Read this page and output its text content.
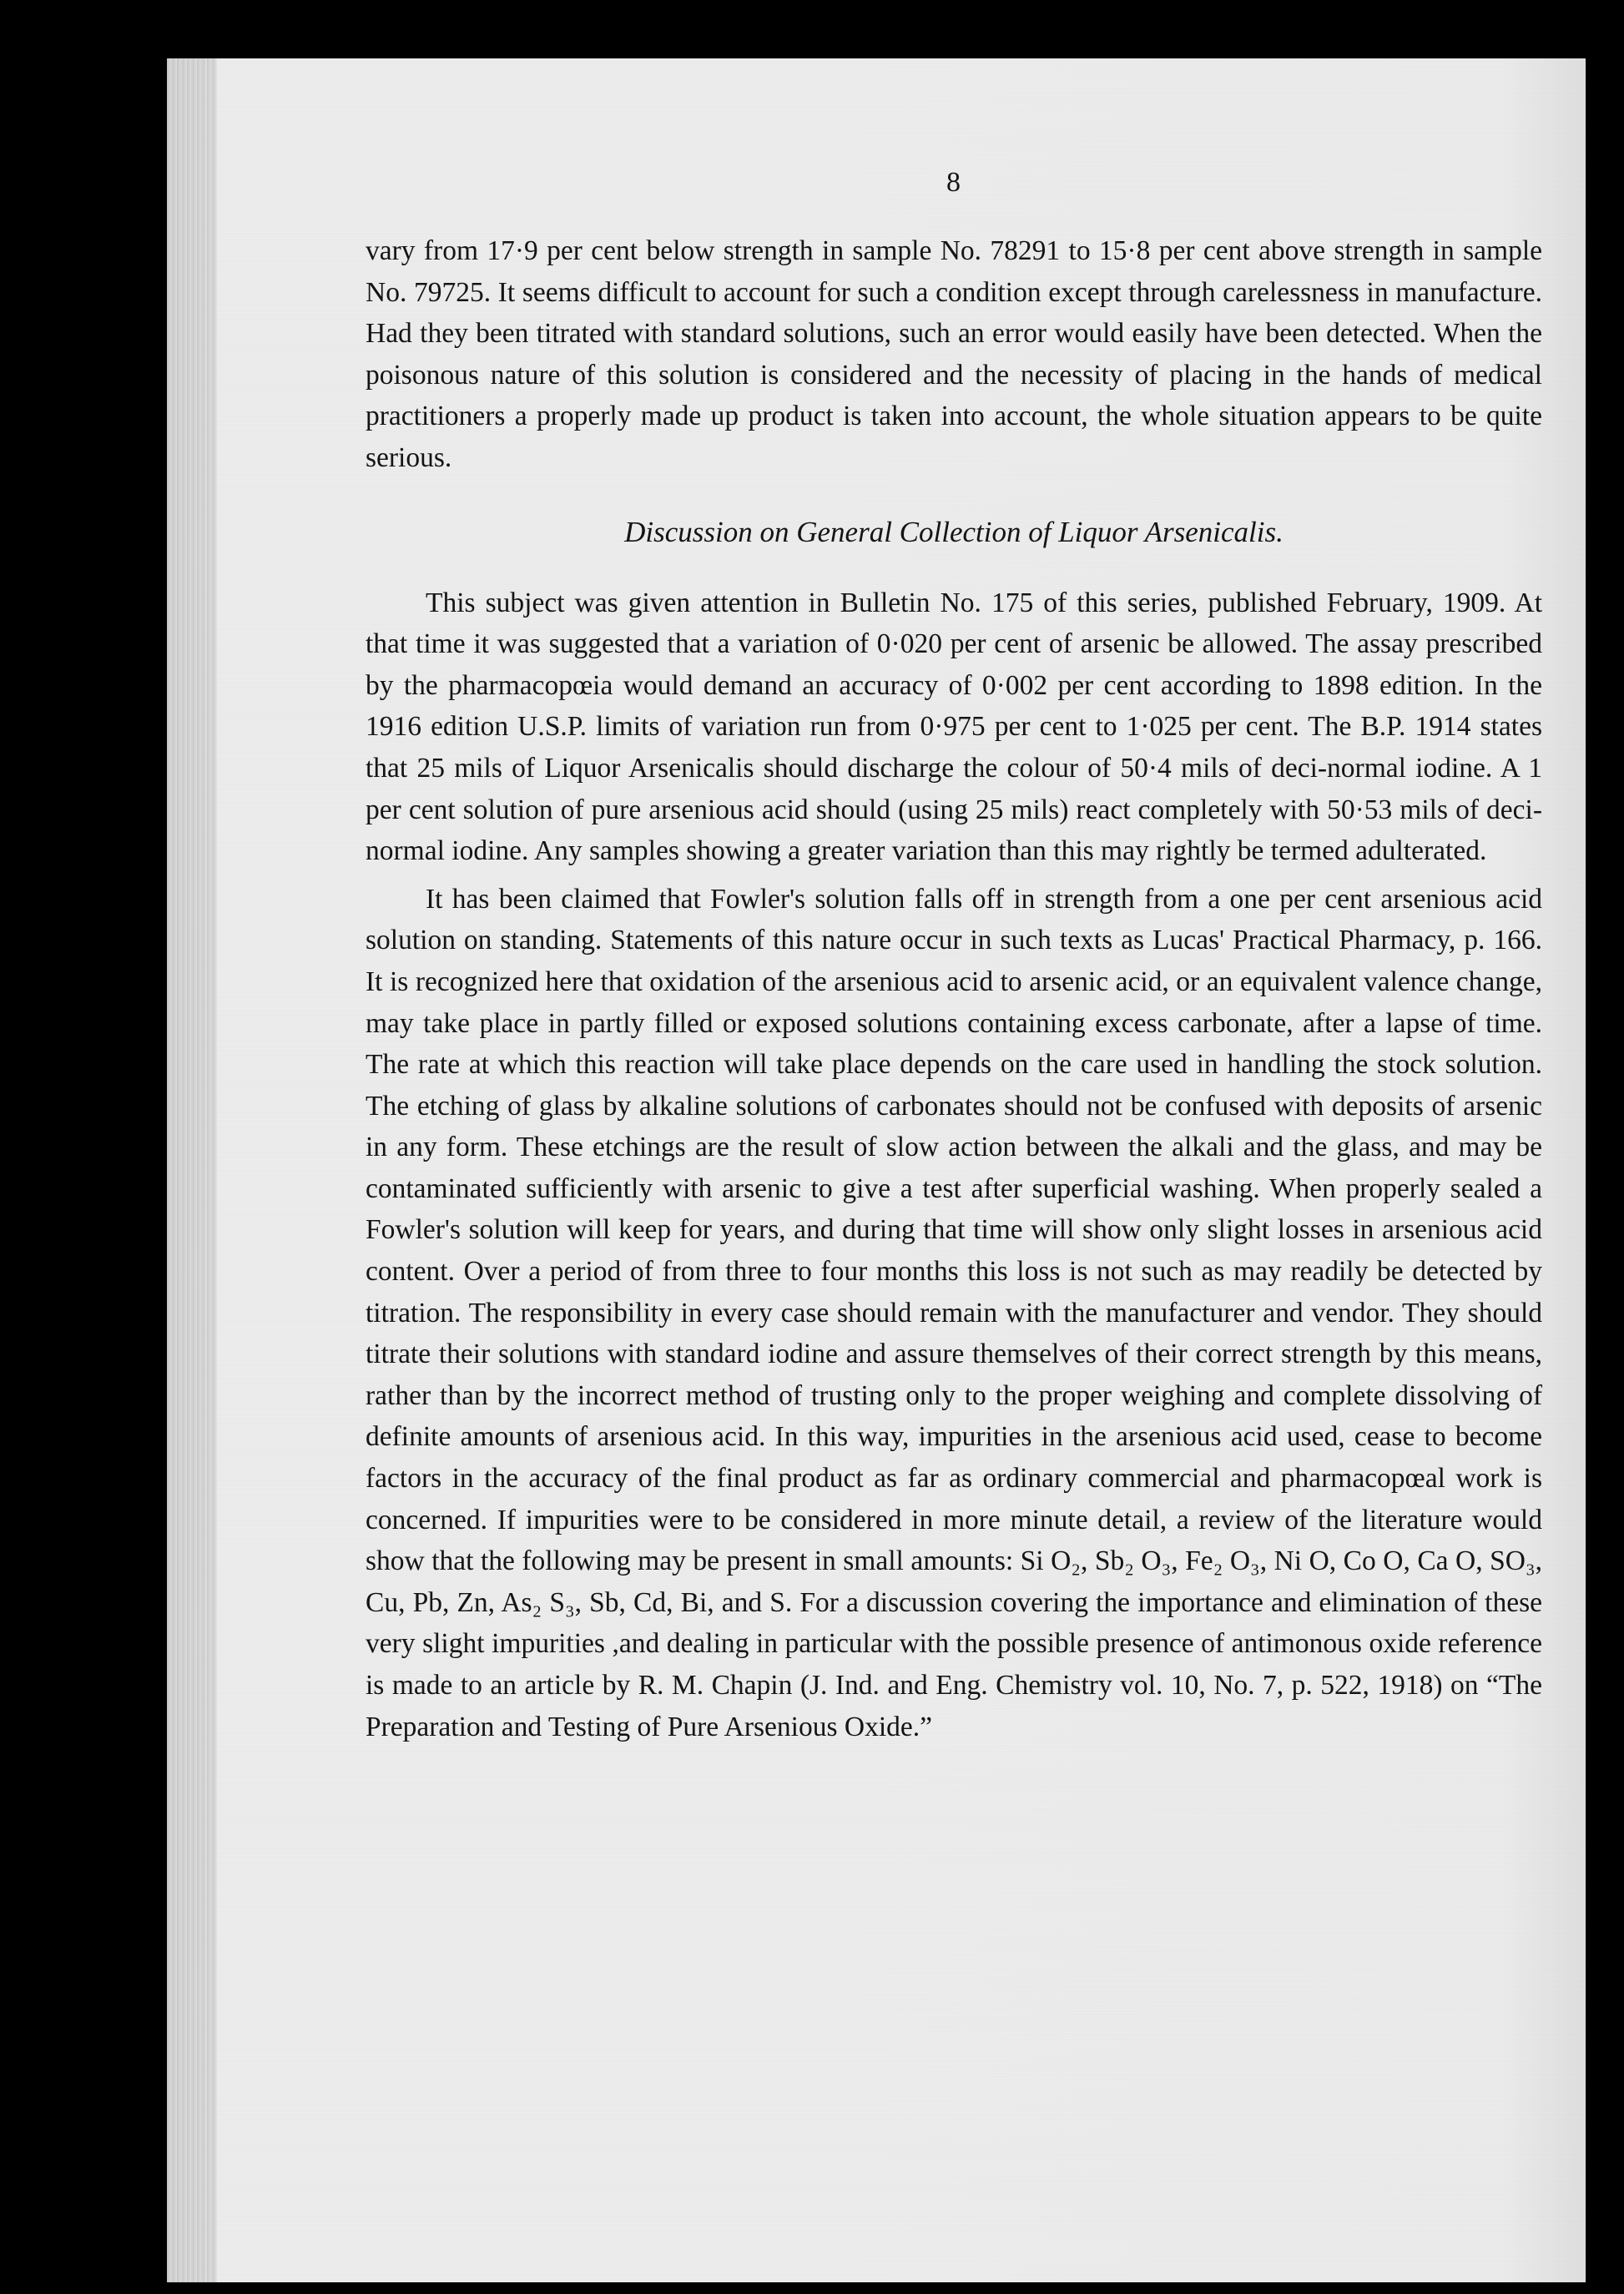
8

vary from 17·9 per cent below strength in sample No. 78291 to 15·8 per cent above strength in sample No. 79725. It seems difficult to account for such a condition except through carelessness in manufacture. Had they been titrated with standard solutions, such an error would easily have been detected. When the poisonous nature of this solution is considered and the necessity of placing in the hands of medical practitioners a properly made up product is taken into account, the whole situation appears to be quite serious.

Discussion on General Collection of Liquor Arsenicalis.

This subject was given attention in Bulletin No. 175 of this series, published February, 1909. At that time it was suggested that a variation of 0·020 per cent of arsenic be allowed. The assay prescribed by the pharmacopœia would demand an accuracy of 0·002 per cent according to 1898 edition. In the 1916 edition U.S.P. limits of variation run from 0·975 per cent to 1·025 per cent. The B.P. 1914 states that 25 mils of Liquor Arsenicalis should discharge the colour of 50·4 mils of deci-normal iodine. A 1 per cent solution of pure arsenious acid should (using 25 mils) react completely with 50·53 mils of deci-normal iodine. Any samples showing a greater variation than this may rightly be termed adulterated.

It has been claimed that Fowler's solution falls off in strength from a one per cent arsenious acid solution on standing. Statements of this nature occur in such texts as Lucas' Practical Pharmacy, p. 166. It is recognized here that oxidation of the arsenious acid to arsenic acid, or an equivalent valence change, may take place in partly filled or exposed solutions containing excess carbonate, after a lapse of time. The rate at which this reaction will take place depends on the care used in handling the stock solution. The etching of glass by alkaline solutions of carbonates should not be confused with deposits of arsenic in any form. These etchings are the result of slow action between the alkali and the glass, and may be contaminated sufficiently with arsenic to give a test after superficial washing. When properly sealed a Fowler's solution will keep for years, and during that time will show only slight losses in arsenious acid content. Over a period of from three to four months this loss is not such as may readily be detected by titration. The responsibility in every case should remain with the manufacturer and vendor. They should titrate their solutions with standard iodine and assure themselves of their correct strength by this means, rather than by the incorrect method of trusting only to the proper weighing and complete dissolving of definite amounts of arsenious acid. In this way, impurities in the arsenious acid used, cease to become factors in the accuracy of the final product as far as ordinary commercial and pharmacopœal work is concerned. If impurities were to be considered in more minute detail, a review of the literature would show that the following may be present in small amounts: Si O₂, Sb₂ O₃, Fe₂ O₃, Ni O, Co O, Ca O, SO₃, Cu, Pb, Zn, As₂ S₃, Sb, Cd, Bi, and S. For a discussion covering the importance and elimination of these very slight impurities ,and dealing in particular with the possible presence of antimonous oxide reference is made to an article by R. M. Chapin (J. Ind. and Eng. Chemistry vol. 10, No. 7, p. 522, 1918) on “The Preparation and Testing of Pure Arsenious Oxide.”
